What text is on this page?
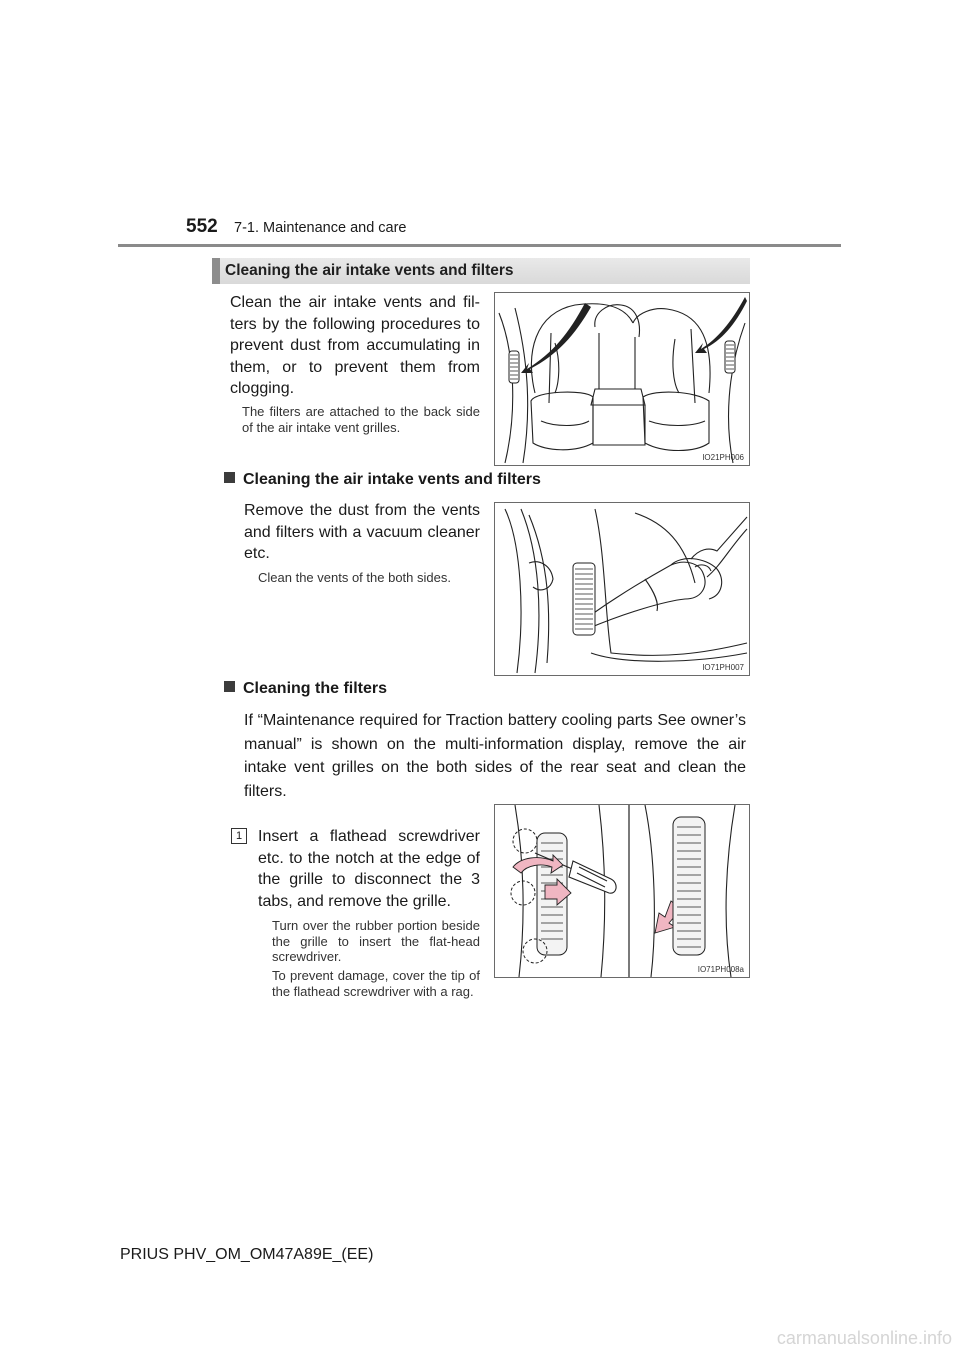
552 7-1. Maintenance and care
Cleaning the air intake vents and filters
Clean the air intake vents and fil-ters by the following procedures to prevent dust from accumulating in them, or to prevent them from clogging.
The filters are attached to the back side of the air intake vent grilles.
IO21PH006
Cleaning the air intake vents and filters
Remove the dust from the vents and filters with a vacuum cleaner etc.
Clean the vents of the both sides.
IO71PH007
Cleaning the filters
If “Maintenance required for Traction battery cooling parts See owner’s manual” is shown on the multi-information display, remove the air intake vent grilles on the both sides of the rear seat and clean the filters.
1 Insert a flathead screwdriver etc. to the notch at the edge of the grille to disconnect the 3 tabs, and remove the grille.
Turn over the rubber portion beside the grille to insert the flat-head screwdriver.
To prevent damage, cover the tip of the flathead screwdriver with a rag.
IO71PH008a
PRIUS PHV_OM_OM47A89E_(EE)
carmanualsonline.info
